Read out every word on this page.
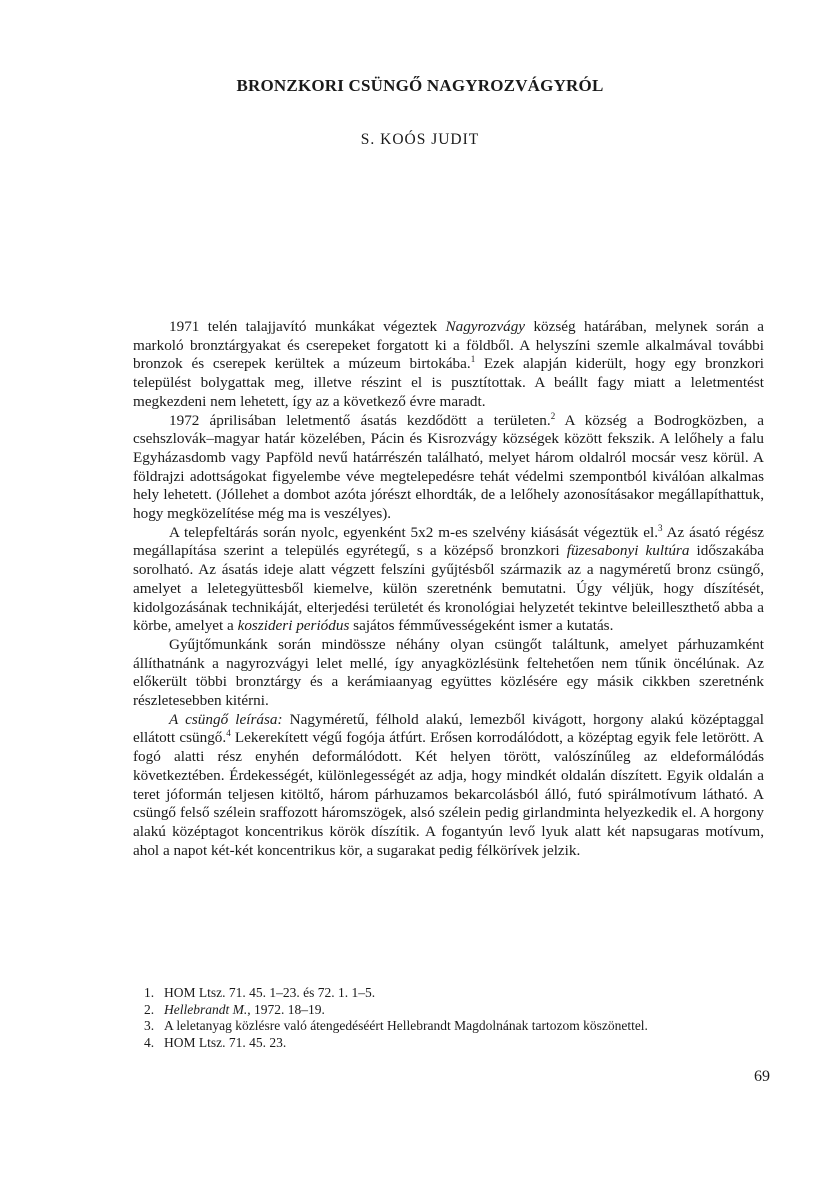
BRONZKORI CSÜNGŐ NAGYROZVÁGYRÓL
S. KOÓS JUDIT

1971 telén talajjavító munkákat végeztek Nagyrozvágy község határában, melynek során a markoló bronztárgyakat és cserepeket forgatott ki a földből. A helyszíni szemle alkalmával további bronzok és cserepek kerültek a múzeum birtokába.$^1$ Ezek alapján kiderült, hogy egy bronzkori települést bolygattak meg, illetve részint el is pusztítottak. A beállt fagy miatt a leletmentést megkezdeni nem lehetett, így az a következő évre maradt.

1972 áprilisában leletmentő ásatás kezdődött a területen.$^2$ A község a Bodrogközben, a csehszlovák–magyar határ közelében, Pácin és Kisrozvágy községek között fekszik. A lelőhely a falu Egyházasdomb vagy Papföld nevű határrészén található, melyet három oldalról mocsár vesz körül. A földrajzi adottságokat figyelembe véve megtelepedésre tehát védelmi szempontból kiválóan alkalmas hely lehetett. (Jóllehet a dombot azóta jórészt elhordták, de a lelőhely azonosításakor megállapíthattuk, hogy megközelítése még ma is veszélyes).

A telepfeltárás során nyolc, egyenként 5x2 m-es szelvény kiásását végeztük el.$^3$ Az ásató régész megállapítása szerint a település egyrétegű, s a középső bronzkori füzesabonyi kultúra időszakába sorolható. Az ásatás ideje alatt végzett felszíni gyűjtésből származik az a nagyméretű bronz csüngő, amelyet a leletegyüttesből kiemelve, külön szeretnénk bemutatni. Úgy véljük, hogy díszítését, kidolgozásának technikáját, elterjedési területét és kronológiai helyzetét tekintve beleilleszthető abba a körbe, amelyet a koszideri periódus sajátos fémművességeként ismer a kutatás.

Gyűjtőmunkánk során mindössze néhány olyan csüngőt találtunk, amelyet párhuzamként állíthatnánk a nagyrozvágyi lelet mellé, így anyagközlésünk feltehetően nem tűnik öncélúnak. Az előkerült többi bronztárgy és a kerámiaanyag együttes közlésére egy másik cikkben szeretnénk részletesebben kitérni.

A csüngő leírása: Nagyméretű, félhold alakú, lemezből kivágott, horgony alakú középtaggal ellátott csüngő.$^4$ Lekerekített végű fogója átfúrt. Erősen korrodálódott, a középtag egyik fele letörött. A fogó alatti rész enyhén deformálódott. Két helyen törött, valószínűleg az eldeformálódás következtében. Érdekességét, különlegességét az adja, hogy mindkét oldalán díszített. Egyik oldalán a teret jóformán teljesen kitöltő, három párhuzamos bekarcolásból álló, futó spirálmotívum látható. A csüngő felső szélein sraffozott háromszögek, alsó szélein pedig girlandminta helyezkedik el. A horgony alakú középtagot koncentrikus körök díszítik. A fogantyún levő lyuk alatt két napsugaras motívum, ahol a napot két-két koncentrikus kör, a sugarakat pedig félkörívek jelzik.

1. HOM Ltsz. 71. 45. 1–23. és 72. 1. 1–5.
2. Hellebrandt M., 1972. 18–19.
3. A leletanyag közlésre való átengedéséért Hellebrandt Magdolnának tartozom köszönettel.
4. HOM Ltsz. 71. 45. 23.
69
